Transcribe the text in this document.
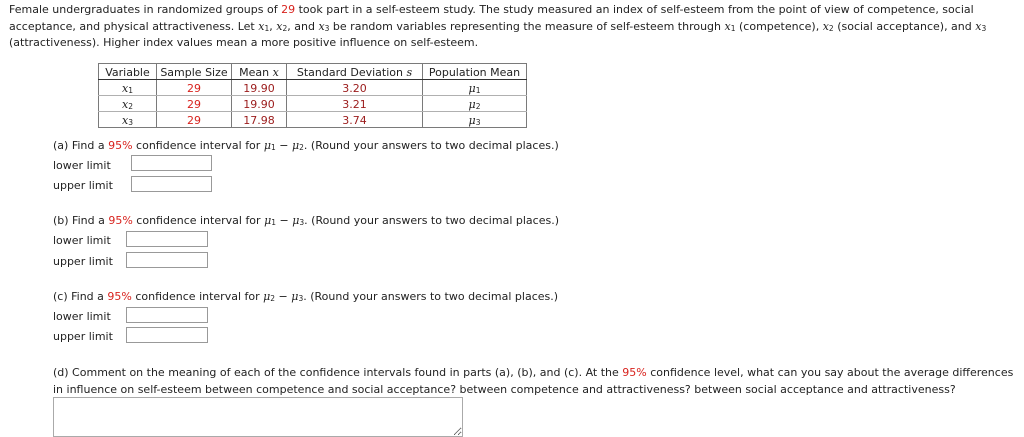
Female undergraduates in randomized groups of 29 took part in a self-esteem study. The study measured an index of self-esteem from the point of view of competence, social acceptance, and physical attractiveness. Let $x_1$, $x_2$, and $x_3$ be random variables representing the measure of self-esteem through $x_1$ (competence), $x_2$ (social acceptance), and $x_3$ (attractiveness). Higher index values mean a more positive influence on self-esteem.
Variable	Sample Size	Mean x	Standard Deviation s	Population Mean
$x_1$	29	19.90	3.20	$\mu_1$
$x_2$	29	19.90	3.21	$\mu_2$
$x_3$	29	17.98	3.74	$\mu_3$
(a) Find a 95% confidence interval for $\mu_1 - \mu_2$. (Round your answers to two decimal places.)
lower limit
upper limit
(b) Find a 95% confidence interval for $\mu_1 - \mu_3$. (Round your answers to two decimal places.)
lower limit
upper limit
(c) Find a 95% confidence interval for $\mu_2 - \mu_3$. (Round your answers to two decimal places.)
lower limit
upper limit
(d) Comment on the meaning of each of the confidence intervals found in parts (a), (b), and (c). At the 95% confidence level, what can you say about the average differences in influence on self-esteem between competence and social acceptance? between competence and attractiveness? between social acceptance and attractiveness?
